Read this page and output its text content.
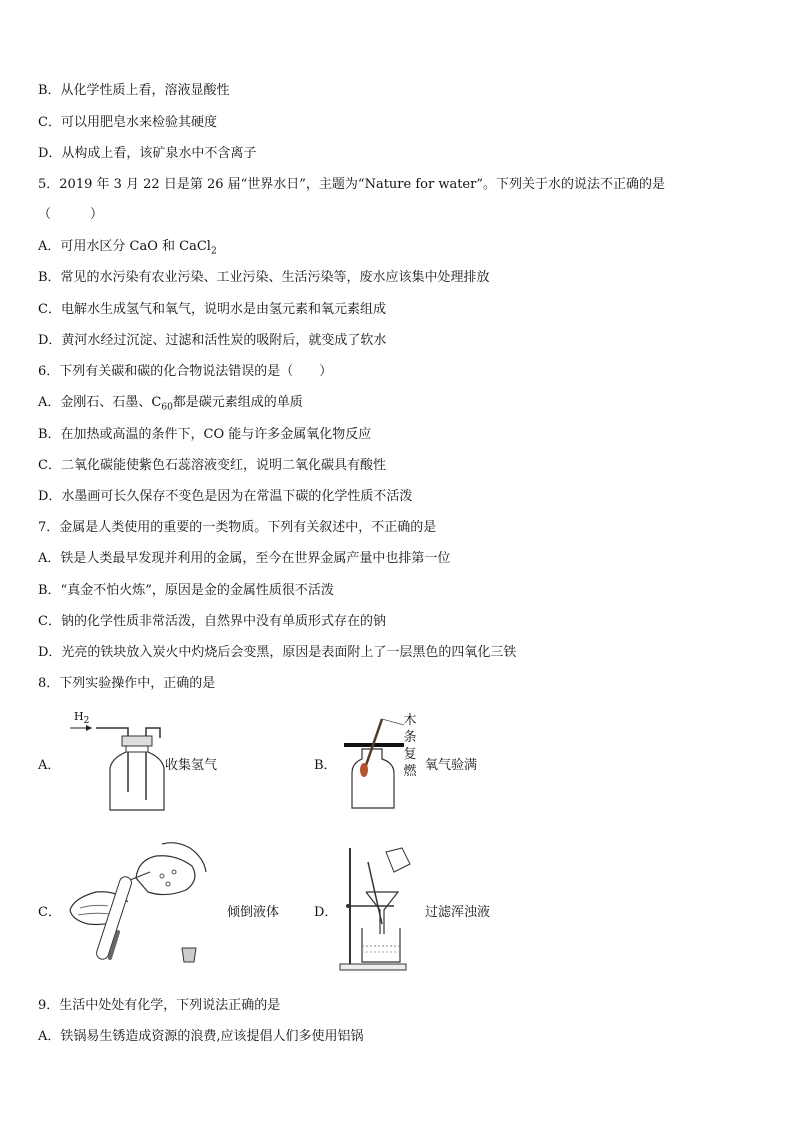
B．从化学性质上看，溶液显酸性
C．可以用肥皂水来检验其硬度
D．从构成上看，该矿泉水中不含离子
5．2019 年 3 月 22 日是第 26 届“世界水日”，主题为“Nature for water”。下列关于水的说法不正确的是
（　　　）
A．可用水区分 CaO 和 CaCl$_2$
B．常见的水污染有农业污染、工业污染、生活污染等，废水应该集中处理排放
C．电解水生成氢气和氧气，说明水是由氢元素和氧元素组成
D．黄河水经过沉淀、过滤和活性炭的吸附后，就变成了软水
6．下列有关碳和碳的化合物说法错误的是（　　）
A．金刚石、石墨、$C_{60}$都是碳元素组成的单质
B．在加热或高温的条件下，CO 能与许多金属氧化物反应
C．二氧化碳能使紫色石蕊溶液变红，说明二氧化碳具有酸性
D．水墨画可长久保存不变色是因为在常温下碳的化学性质不活泼
7．金属是人类使用的重要的一类物质。下列有关叙述中，不正确的是
A．铁是人类最早发现并利用的金属，至今在世界金属产量中也排第一位
B．“真金不怕火炼”，原因是金的金属性质很不活泼
C．钠的化学性质非常活泼，自然界中没有单质形式存在的钠
D．光亮的铁块放入炭火中灼烧后会变黑，原因是表面附上了一层黑色的四氧化三铁
8．下列实验操作中，正确的是
A．
$H_2$
收集氢气	B．
木
条
复
燃 氧气验满
C．	倾倒液体	D．	过滤浑浊液
9．生活中处处有化学，下列说法正确的是
A．铁锅易生锈造成资源的浪费,应该提倡人们多使用铝锅
